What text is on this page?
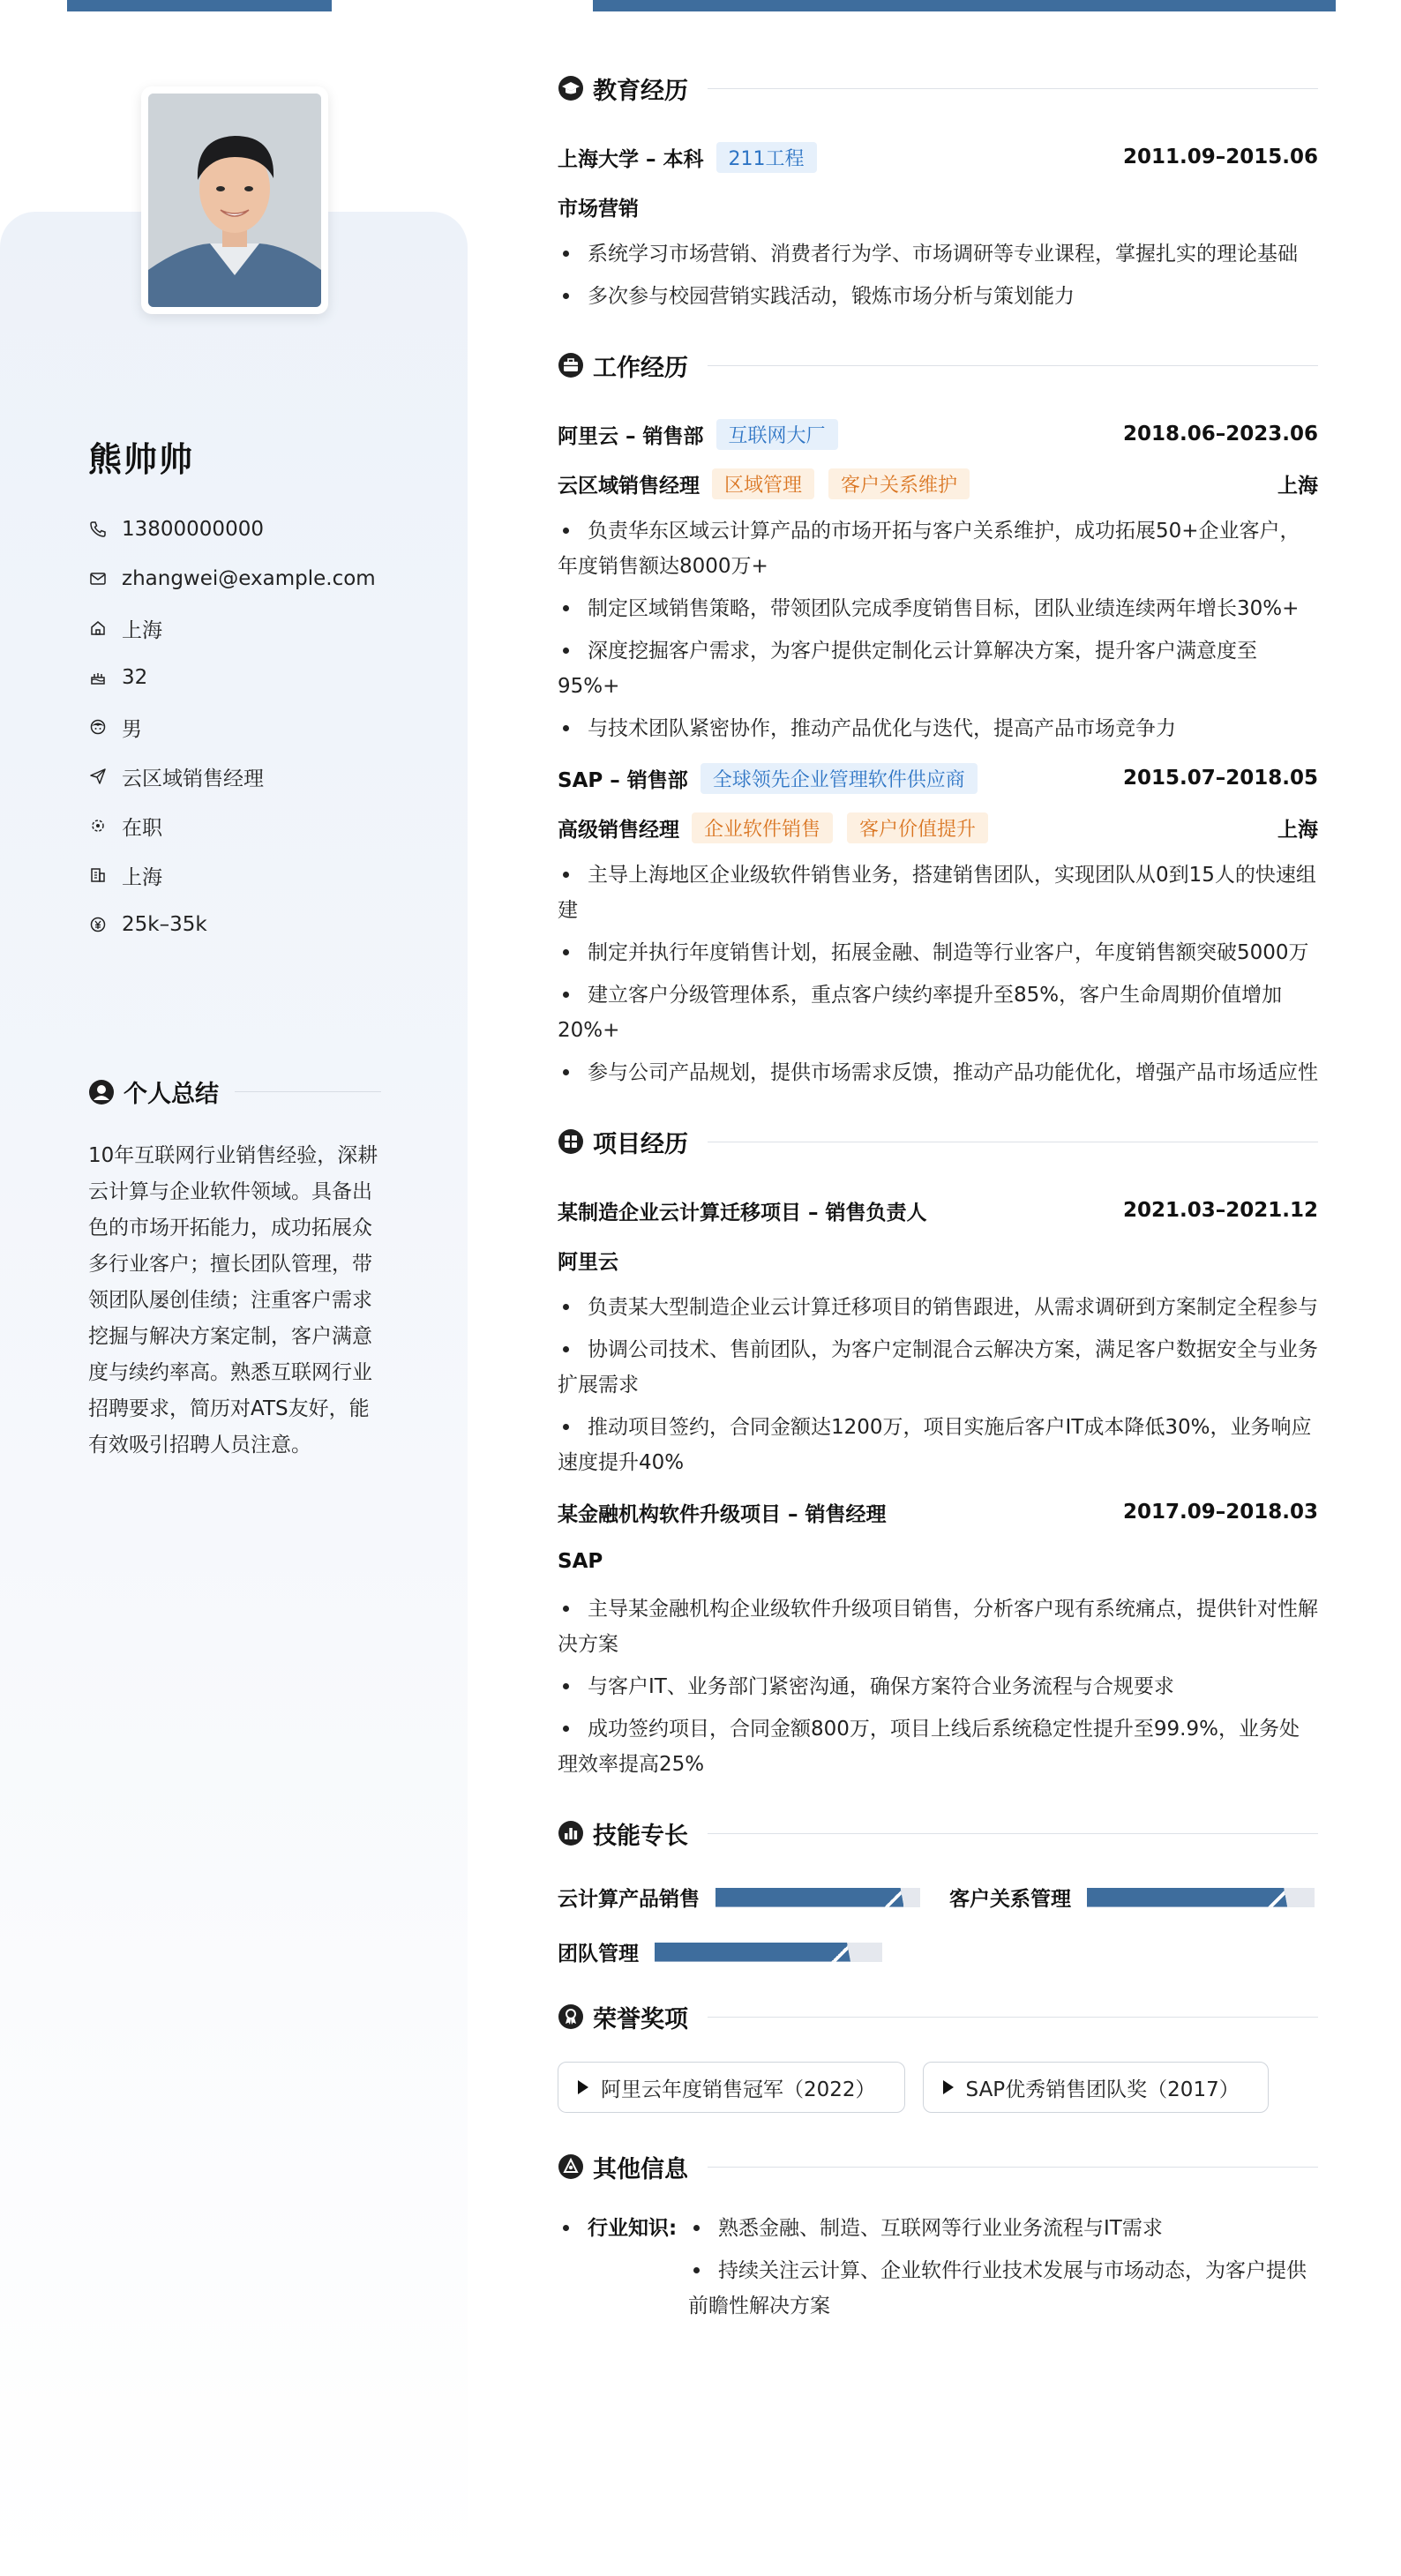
熊帅帅
13800000000
zhangwei@example.com
上海
32
男
云区域销售经理
在职
上海
25k–35k
个人总结
10年互联网行业销售经验，深耕云计算与企业软件领域。具备出色的市场开拓能力，成功拓展众多行业客户；擅长团队管理，带领团队屡创佳绩；注重客户需求挖掘与解决方案定制，客户满意度与续约率高。熟悉互联网行业招聘要求，简历对ATS友好，能有效吸引招聘人员注意。
教育经历
上海大学 – 本科	211工程	2011.09–2015.06
市场营销
系统学习市场营销、消费者行为学、市场调研等专业课程，掌握扎实的理论基础
多次参与校园营销实践活动，锻炼市场分析与策划能力
工作经历
阿里云 – 销售部	互联网大厂	2018.06–2023.06
云区域销售经理	区域管理	客户关系维护	上海
负责华东区域云计算产品的市场开拓与客户关系维护，成功拓展50+企业客户，年度销售额达8000万+
制定区域销售策略，带领团队完成季度销售目标，团队业绩连续两年增长30%+
深度挖掘客户需求，为客户提供定制化云计算解决方案，提升客户满意度至95%+
与技术团队紧密协作，推动产品优化与迭代，提高产品市场竞争力
SAP – 销售部	全球领先企业管理软件供应商	2015.07–2018.05
高级销售经理	企业软件销售	客户价值提升	上海
主导上海地区企业级软件销售业务，搭建销售团队，实现团队从0到15人的快速组建
制定并执行年度销售计划，拓展金融、制造等行业客户，年度销售额突破5000万
建立客户分级管理体系，重点客户续约率提升至85%，客户生命周期价值增加20%+
参与公司产品规划，提供市场需求反馈，推动产品功能优化，增强产品市场适应性
项目经历
某制造企业云计算迁移项目 – 销售负责人	2021.03–2021.12
阿里云
负责某大型制造企业云计算迁移项目的销售跟进，从需求调研到方案制定全程参与
协调公司技术、售前团队，为客户定制混合云解决方案，满足客户数据安全与业务扩展需求
推动项目签约，合同金额达1200万，项目实施后客户IT成本降低30%，业务响应速度提升40%
某金融机构软件升级项目 – 销售经理	2017.09–2018.03
SAP
主导某金融机构企业级软件升级项目销售，分析客户现有系统痛点，提供针对性解决方案
与客户IT、业务部门紧密沟通，确保方案符合业务流程与合规要求
成功签约项目，合同金额800万，项目上线后系统稳定性提升至99.9%，业务处理效率提高25%
技能专长
云计算产品销售	客户关系管理
团队管理
荣誉奖项
阿里云年度销售冠军（2022）	SAP优秀销售团队奖（2017）
其他信息
行业知识:	熟悉金融、制造、互联网等行业业务流程与IT需求
持续关注云计算、企业软件行业技术发展与市场动态，为客户提供前瞻性解决方案
